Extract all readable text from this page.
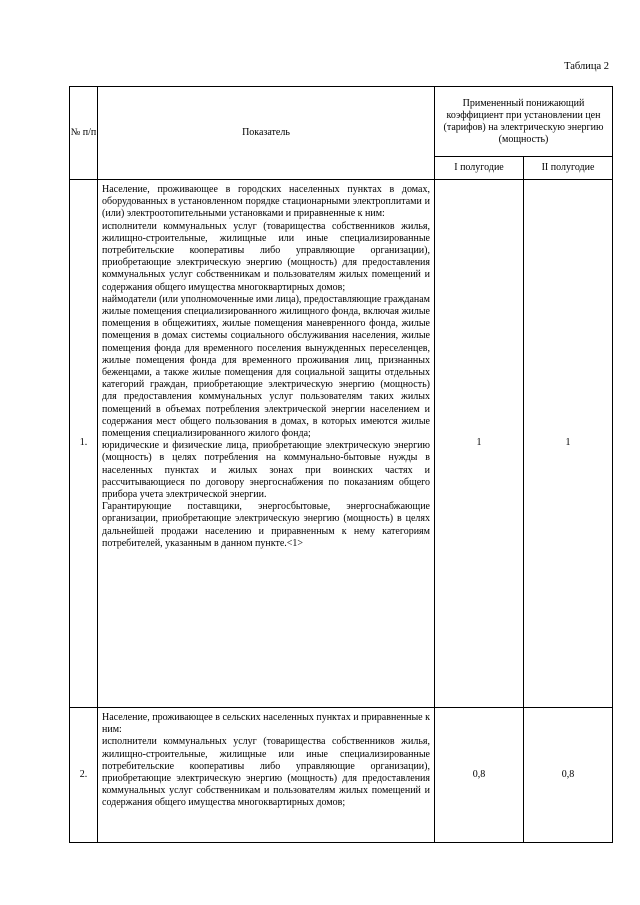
Таблица 2
№ п/п	Показатель	Примененный понижающий коэффициент при установлении цен (тарифов) на электрическую энергию (мощность)	
		I полугодие	II полугодие
1.	Население, проживающее в городских населенных пунктах в домах, оборудованных в установленном порядке стационарными электроплитами и (или) электроотопительными установками и приравненные к ним:

исполнители коммунальных услуг (товарищества собственников жилья, жилищно-строительные, жилищные или иные специализированные потребительские кооперативы либо управляющие организации), приобретающие электрическую энергию (мощность) для предоставления коммунальных услуг собственникам и пользователям жилых помещений и содержания общего имущества многоквартирных домов;

наймодатели (или уполномоченные ими лица), предоставляющие гражданам жилые помещения специализированного жилищного фонда, включая жилые помещения в общежитиях, жилые помещения маневренного фонда, жилые помещения в домах системы социального обслуживания населения, жилые помещения фонда для временного поселения вынужденных переселенцев, жилые помещения фонда для временного проживания лиц, признанных беженцами, а также жилые помещения для социальной защиты отдельных категорий граждан, приобретающие электрическую энергию (мощность) для предоставления коммунальных услуг пользователям таких жилых помещений в объемах потребления электрической энергии населением и содержания мест общего пользования в домах, в которых имеются жилые помещения специализированного жилого фонда;

юридические и физические лица, приобретающие электрическую энергию (мощность) в целях потребления на коммунально-бытовые нужды в населенных пунктах и жилых зонах при воинских частях и рассчитывающиеся по договору энергоснабжения по показаниям общего прибора учета электрической энергии.

Гарантирующие поставщики, энергосбытовые, энергоснабжающие организации, приобретающие электрическую энергию (мощность) в целях дальнейшей продажи населению и приравненным к нему категориям потребителей, указанным в данном пункте.<1>	1	1
2.	Население, проживающее в сельских населенных пунктах и приравненные к ним:

исполнители коммунальных услуг (товарищества собственников жилья, жилищно-строительные, жилищные или иные специализированные потребительские кооперативы либо управляющие организации), приобретающие электрическую энергию (мощность) для предоставления коммунальных услуг собственникам и пользователям жилых помещений и содержания общего имущества многоквартирных домов;	0,8	0,8
